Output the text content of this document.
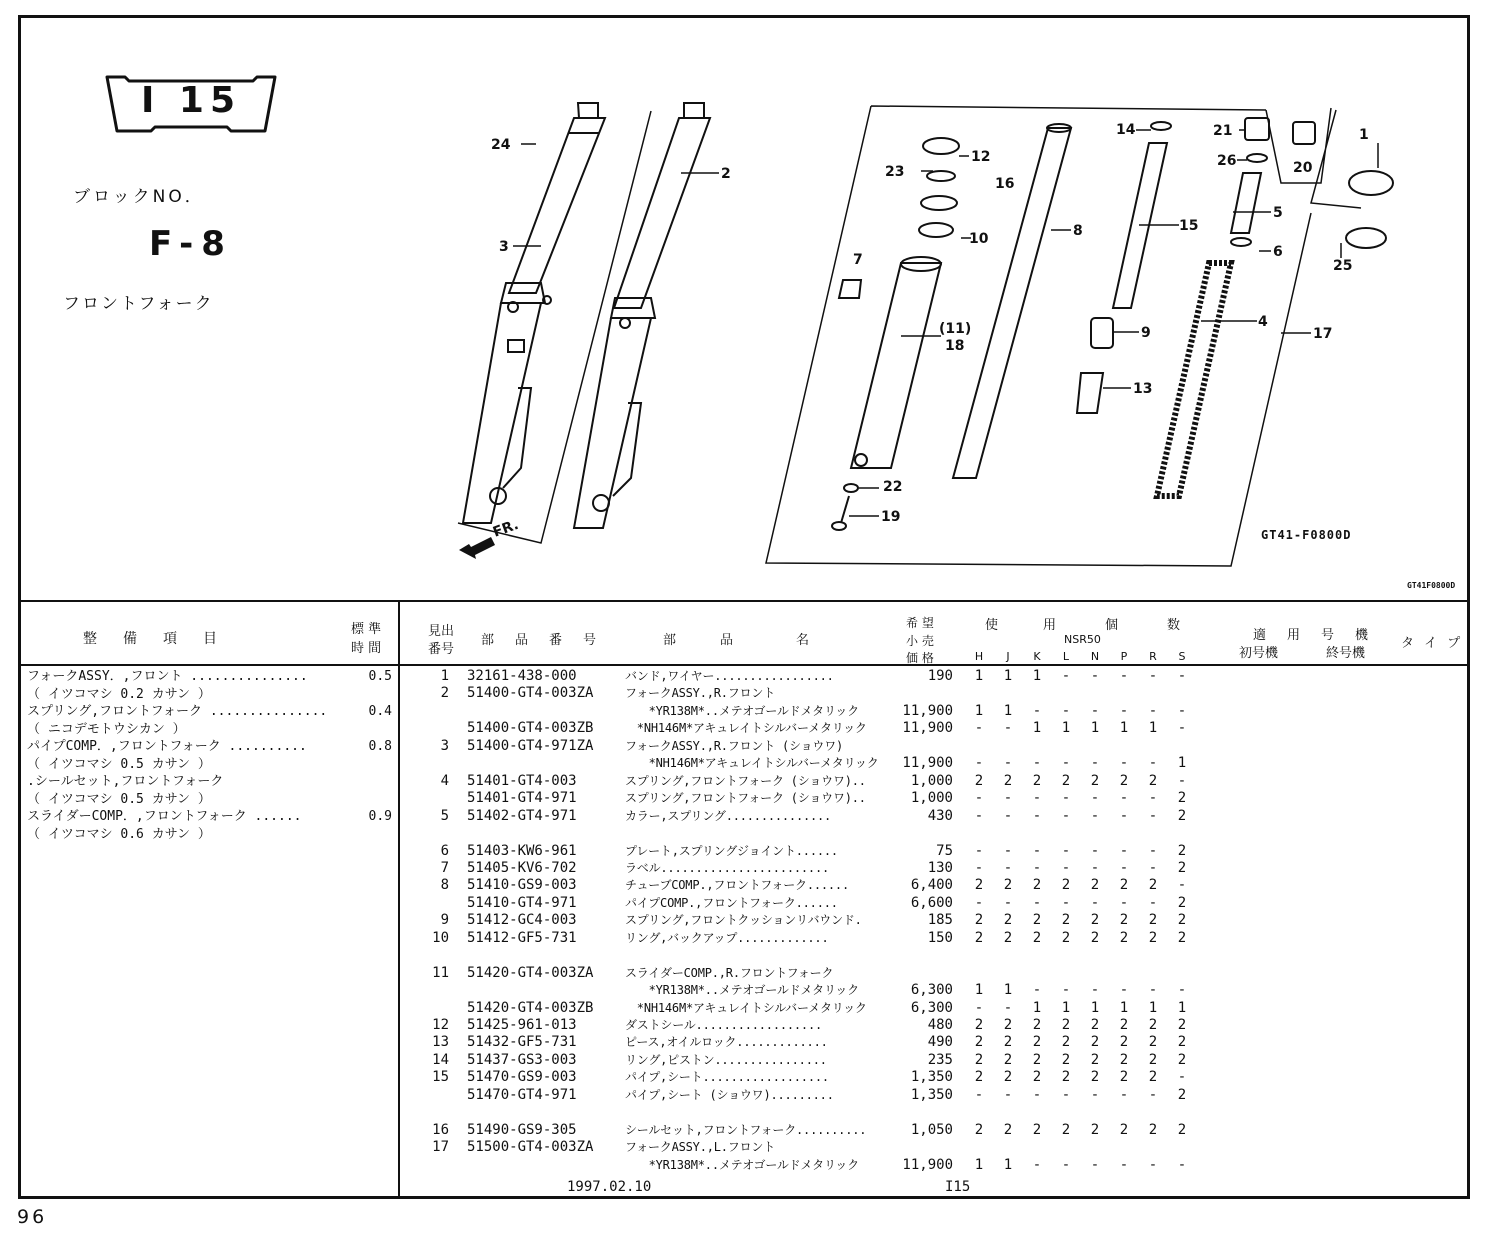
I 15
ブロックNO．
F-8
フロントフォーク
1
2
3
4
5
6
7
8
9
10
(11)
12
13
14
15
16
17
18
19
20
21
22
23
24
25
26
FR.	GT41-F0800D
GT41F0800D
整　備　項　目
標 準
時 間
見出
番号
部　品　番　号	部　　品　　　名
希 望
小 売
価 格
使	用	個	数
NSR50
H	J	K	L	N	P	R	S
適　用　号　機
初号機	終号機
タ イ プ
フォークASSY．,フロント ...............	0.5
（ イツコマシ 0.2 カサン ）
スプリング,フロントフォーク ...............	0.4
（ ニコデモトウシカン ）
パイプCOMP．,フロントフォーク ..........	0.8
（ イツコマシ 0.5 カサン ）
.シールセット,フロントフォーク
（ イツコマシ 0.5 カサン ）
スライダーCOMP．,フロントフォーク ......	0.9
（ イツコマシ 0.6 カサン ）
1 32161-438-000	バンド,ワイヤー.................	190	1	1	1	-	-	-	-	-
2 51400-GT4-003ZA	フォークASSY.,R.フロント
　　*YR138M*..メテオゴールドメタリック	11,900	1	1	-	-	-	-	-	-
51400-GT4-003ZB	　*NH146M*アキュレイトシルバーメタリック	11,900	-	-	1	1	1	1	1	-
3 51400-GT4-971ZA	フォークASSY.,R.フロント (ショウワ)
　　*NH146M*アキュレイトシルバーメタリック	11,900	-	-	-	-	-	-	-	1
4 51401-GT4-003	スプリング,フロントフォーク (ショウワ)..	1,000	2	2	2	2	2	2	2	-
51401-GT4-971	スプリング,フロントフォーク (ショウワ)..	1,000	-	-	-	-	-	-	-	2
5 51402-GT4-971	カラー,スプリング...............	430	-	-	-	-	-	-	-	2
6 51403-KW6-961	プレート,スプリングジョイント......	75	-	-	-	-	-	-	-	2
7 51405-KV6-702	ラベル........................	130	-	-	-	-	-	-	-	2
8 51410-GS9-003	チューブCOMP.,フロントフォーク......	6,400	2	2	2	2	2	2	2	-
51410-GT4-971	パイプCOMP.,フロントフォーク......	6,600	-	-	-	-	-	-	-	2
9 51412-GC4-003	スプリング,フロントクッションリバウンド.	185	2	2	2	2	2	2	2	2
10 51412-GF5-731	リング,バックアップ.............	150	2	2	2	2	2	2	2	2
11 51420-GT4-003ZA	スライダーCOMP.,R.フロントフォーク
　　*YR138M*..メテオゴールドメタリック	6,300	1	1	-	-	-	-	-	-
51420-GT4-003ZB	　*NH146M*アキュレイトシルバーメタリック	6,300	-	-	1	1	1	1	1	1
12 51425-961-013	ダストシール..................	480	2	2	2	2	2	2	2	2
13 51432-GF5-731	ピース,オイルロック.............	490	2	2	2	2	2	2	2	2
14 51437-GS3-003	リング,ピストン................	235	2	2	2	2	2	2	2	2
15 51470-GS9-003	パイプ,シート..................	1,350	2	2	2	2	2	2	2	-
51470-GT4-971	パイプ,シート (ショウワ).........	1,350	-	-	-	-	-	-	-	2
16 51490-GS9-305	シールセット,フロントフォーク..........	1,050	2	2	2	2	2	2	2	2
17 51500-GT4-003ZA	フォークASSY.,L.フロント
　　*YR138M*..メテオゴールドメタリック	11,900	1	1	-	-	-	-	-	-
1997.02.10	I15
96
